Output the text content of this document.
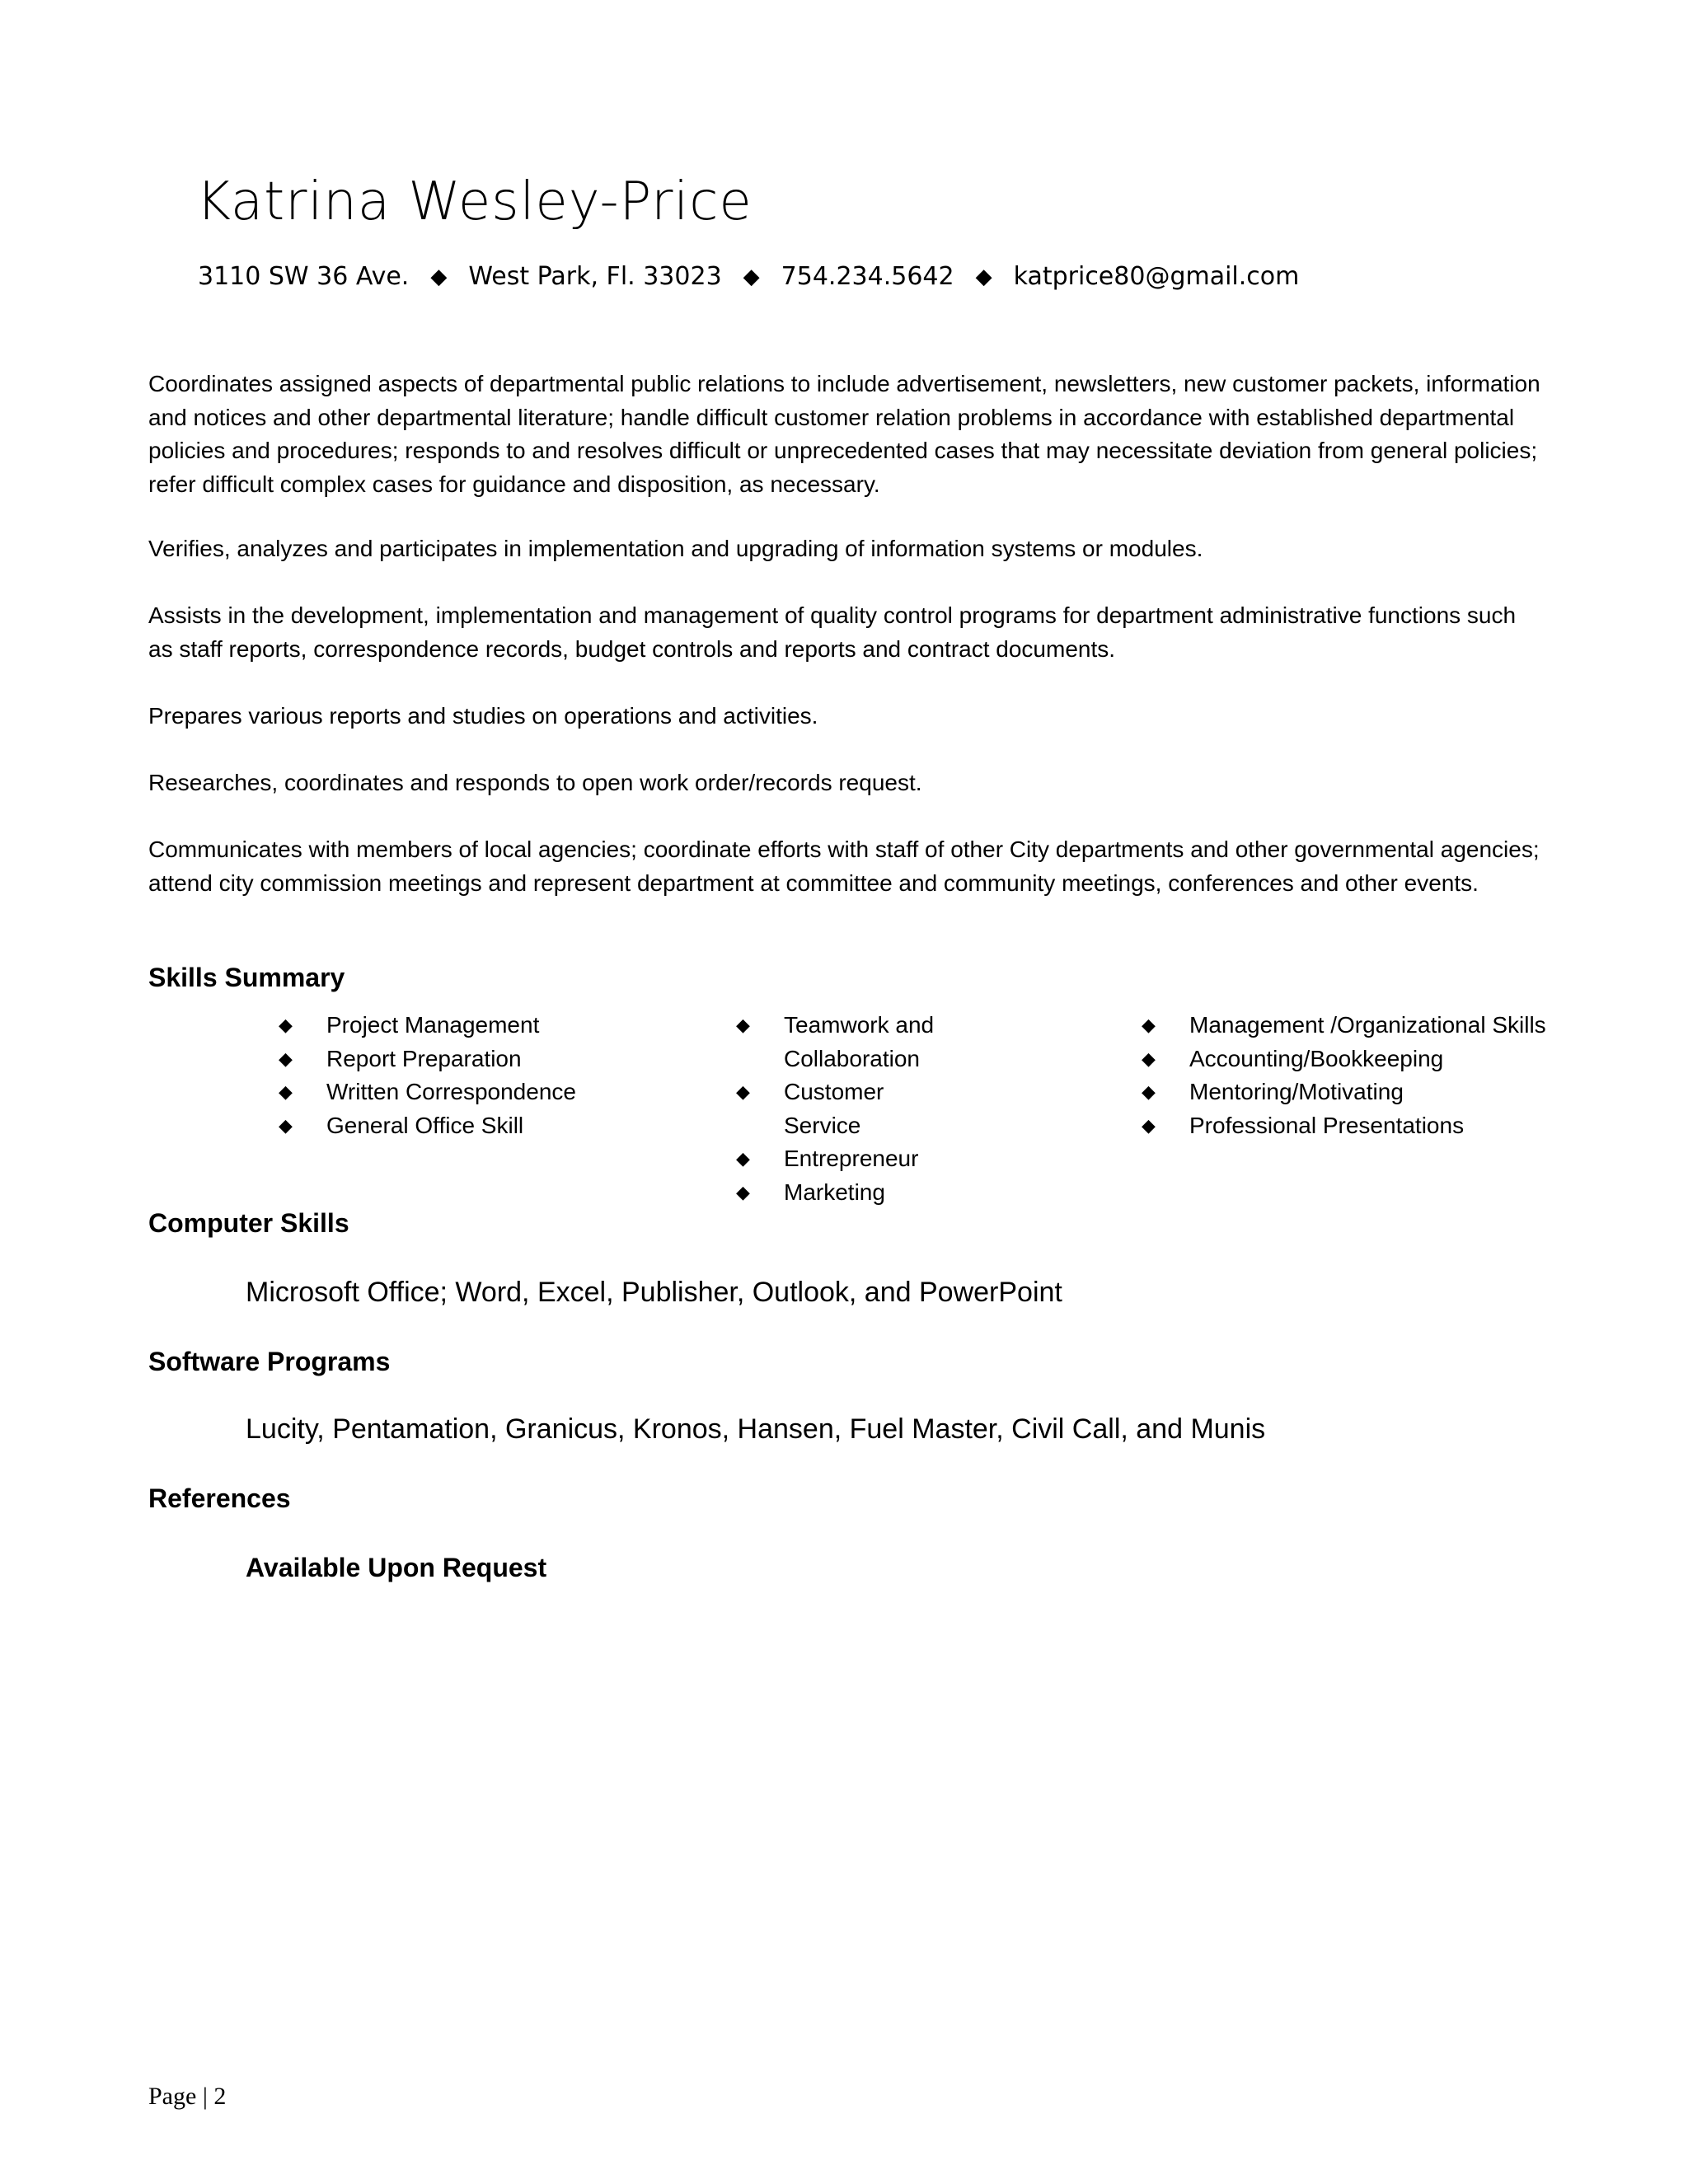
Katrina Wesley-Price
3110 SW 36 Ave. ◆ West Park, Fl. 33023 ◆ 754.234.5642 ◆ katprice80@gmail.com

Coordinates assigned aspects of departmental public relations to include advertisement, newsletters, new customer packets, information and notices and other departmental literature; handle difficult customer relation problems in accordance with established departmental policies and procedures; responds to and resolves difficult or unprecedented cases that may necessitate deviation from general policies; refer difficult complex cases for guidance and disposition, as necessary.

Verifies, analyzes and participates in implementation and upgrading of information systems or modules.

Assists in the development, implementation and management of quality control programs for department administrative functions such as staff reports, correspondence records, budget controls and reports and contract documents.

Prepares various reports and studies on operations and activities.

Researches, coordinates and responds to open work order/records request.

Communicates with members of local agencies; coordinate efforts with staff of other City departments and other governmental agencies; attend city commission meetings and represent department at committee and community meetings, conferences and other events.

Skills Summary
◆ Project Management
◆ Report Preparation
◆ Written Correspondence
◆ General Office Skill
◆ Teamwork and Collaboration
◆ Customer Service
◆ Entrepreneur
◆ Marketing
◆ Management /Organizational Skills
◆ Accounting/Bookkeeping
◆ Mentoring/Motivating
◆ Professional Presentations
Computer Skills
Microsoft Office; Word, Excel, Publisher, Outlook, and PowerPoint
Software Programs
Lucity, Pentamation, Granicus, Kronos, Hansen, Fuel Master, Civil Call, and Munis
References
Available Upon Request
Page | 2
